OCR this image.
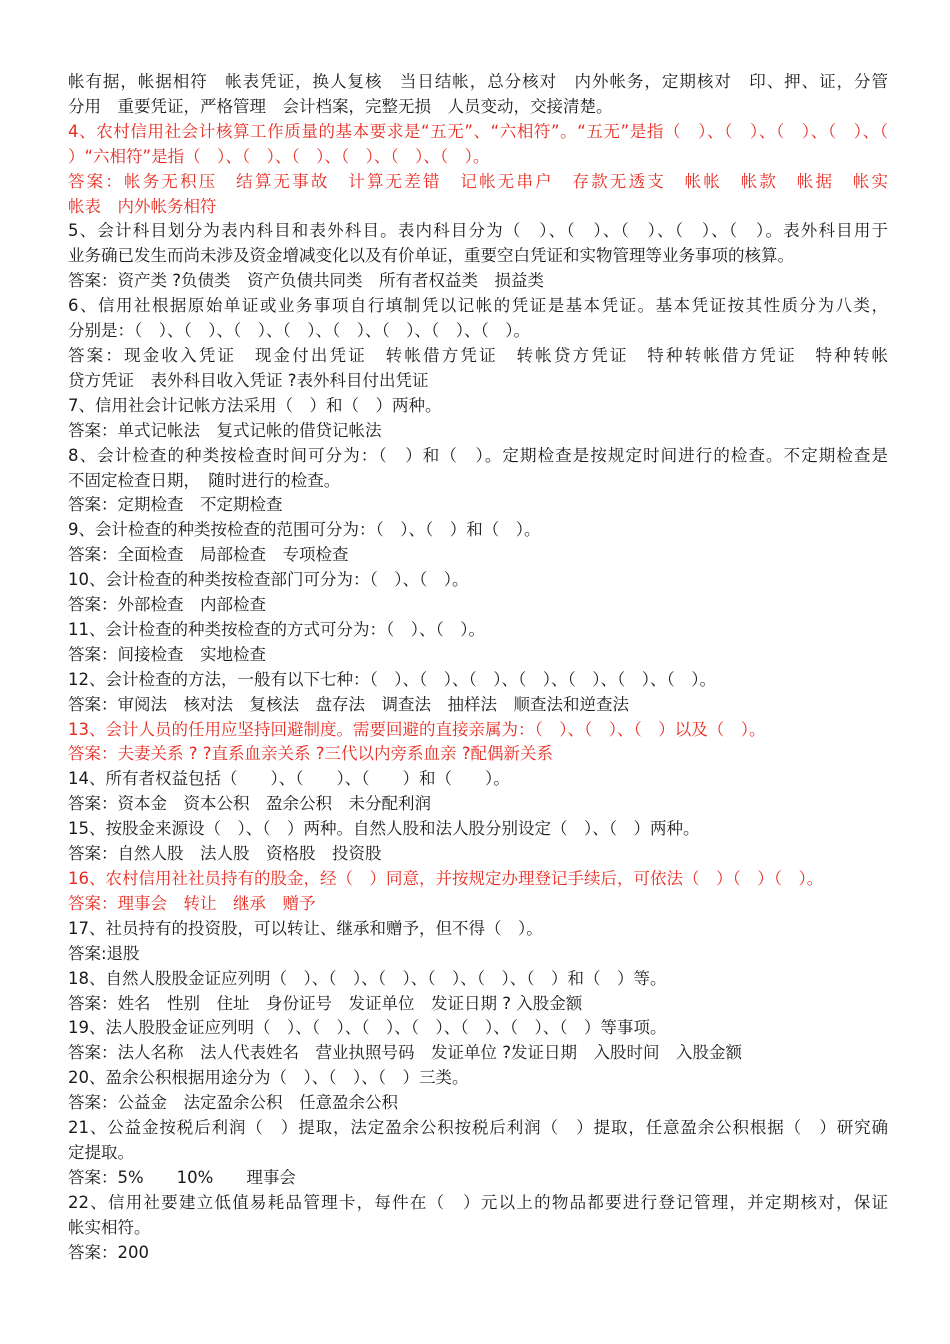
帐有据，帐据相符　帐表凭证，换人复核　当日结帐，总分核对　内外帐务，定期核对　印、押、证，分管
分用　重要凭证，严格管理　会计档案，完整无损　人员变动，交接清楚。
4、农村信用社会计核算工作质量的基本要求是“五无”、“六相符”。“五无”是指（　）、（　）、（　）、（　）、（
）“六相符”是指（　）、（　）、（　）、（　）、（　）、（　）。
答案：帐务无积压　结算无事故　计算无差错　记帐无串户　存款无透支　帐帐　帐款　帐据　帐实
帐表　内外帐务相符
5、会计科目划分为表内科目和表外科目。表内科目分为（　）、（　）、（　）、（　）、（　）。表外科目用于
业务确已发生而尚未涉及资金增减变化以及有价单证，重要空白凭证和实物管理等业务事项的核算。
答案：资产类 ?负债类　资产负债共同类　所有者权益类　损益类
6、信用社根据原始单证或业务事项自行填制凭以记帐的凭证是基本凭证。基本凭证按其性质分为八类，
分别是：（　）、（　）、（　）、（　）、（　）、（　）、（　）、（　）。
答案：现金收入凭证　现金付出凭证　转帐借方凭证　转帐贷方凭证　特种转帐借方凭证　特种转帐
贷方凭证　表外科目收入凭证 ?表外科目付出凭证
7、信用社会计记帐方法采用（　）和（　）两种。
答案：单式记帐法　复式记帐的借贷记帐法
8、会计检查的种类按检查时间可分为：（　）和（　）。定期检查是按规定时间进行的检查。不定期检查是
不固定检查日期，　随时进行的检查。
答案：定期检查　不定期检查
9、会计检查的种类按检查的范围可分为：（　）、（　）和（　）。
答案：全面检查　局部检查　专项检查
10、会计检查的种类按检查部门可分为：（　）、（　）。
答案：外部检查　内部检查
11、会计检查的种类按检查的方式可分为：（　）、（　）。
答案：间接检查　实地检查
12、会计检查的方法，一般有以下七种：（　）、（　）、（　）、（　）、（　）、（　）、（　）。
答案：审阅法　核对法　复核法　盘存法　调查法　抽样法　顺查法和逆查法
13、会计人员的任用应坚持回避制度。需要回避的直接亲属为：（　）、（　）、（　）以及（　）。
答案：夫妻关系 ? ?直系血亲关系 ?三代以内旁系血亲 ?配偶新关系
14、所有者权益包括（　　）、（　　）、（　　）和（　　）。
答案：资本金　资本公积　盈余公积　未分配利润
15、按股金来源设（　）、（　）两种。自然人股和法人股分别设定（　）、（　）两种。
答案：自然人股　法人股　资格股　投资股
16、农村信用社社员持有的股金，经（　）同意，并按规定办理登记手续后，可依法（　）（　）（　）。
答案：理事会　转让　继承　赠予
17、社员持有的投资股，可以转让、继承和赠予，但不得（　）。
答案:退股
18、自然人股股金证应列明（　）、（　）、（　）、（　）、（　）、（　）和（　）等。
答案：姓名　性别　住址　身份证号　发证单位　发证日期 ? 入股金额
19、法人股股金证应列明（　）、（　）、（　）、（　）、（　）、（　）、（　）等事项。
答案：法人名称　法人代表姓名　营业执照号码　发证单位 ?发证日期　入股时间　入股金额
20、盈余公积根据用途分为（　）、（　）、（　）三类。
答案：公益金　法定盈余公积　任意盈余公积
21、公益金按税后利润（　）提取，法定盈余公积按税后利润（　）提取，任意盈余公积根据（　）研究确
定提取。
答案：5%　　10%　　理事会
22、信用社要建立低值易耗品管理卡，每件在（　）元以上的物品都要进行登记管理，并定期核对，保证
帐实相符。
答案：200
